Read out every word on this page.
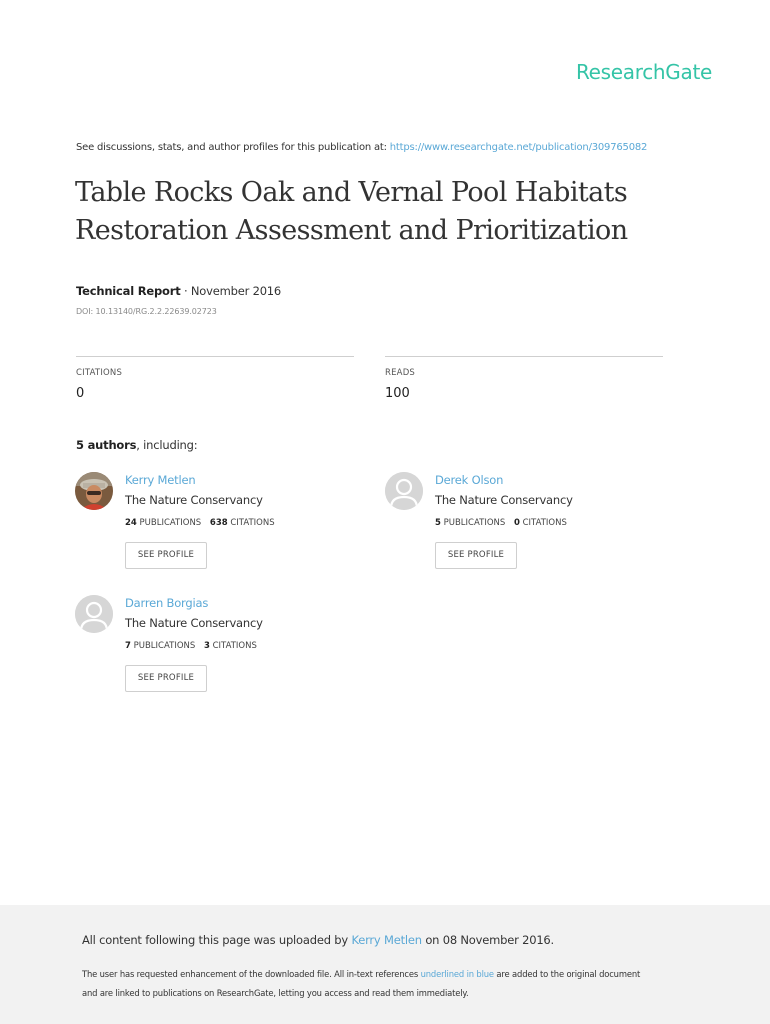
ResearchGate
See discussions, stats, and author profiles for this publication at: https://www.researchgate.net/publication/309765082
Table Rocks Oak and Vernal Pool Habitats
Restoration Assessment and Prioritization
Technical Report · November 2016
DOI: 10.13140/RG.2.2.22639.02723
CITATIONS	READS
0	100
5 authors, including:
Kerry Metlen
The Nature Conservancy
24 PUBLICATIONS 638 CITATIONS
SEE PROFILE
Derek Olson
The Nature Conservancy
5 PUBLICATIONS 0 CITATIONS
SEE PROFILE
Darren Borgias
The Nature Conservancy
7 PUBLICATIONS 3 CITATIONS
SEE PROFILE
All content following this page was uploaded by Kerry Metlen on 08 November 2016.
The user has requested enhancement of the downloaded file. All in-text references underlined in blue are added to the original document
and are linked to publications on ResearchGate, letting you access and read them immediately.
